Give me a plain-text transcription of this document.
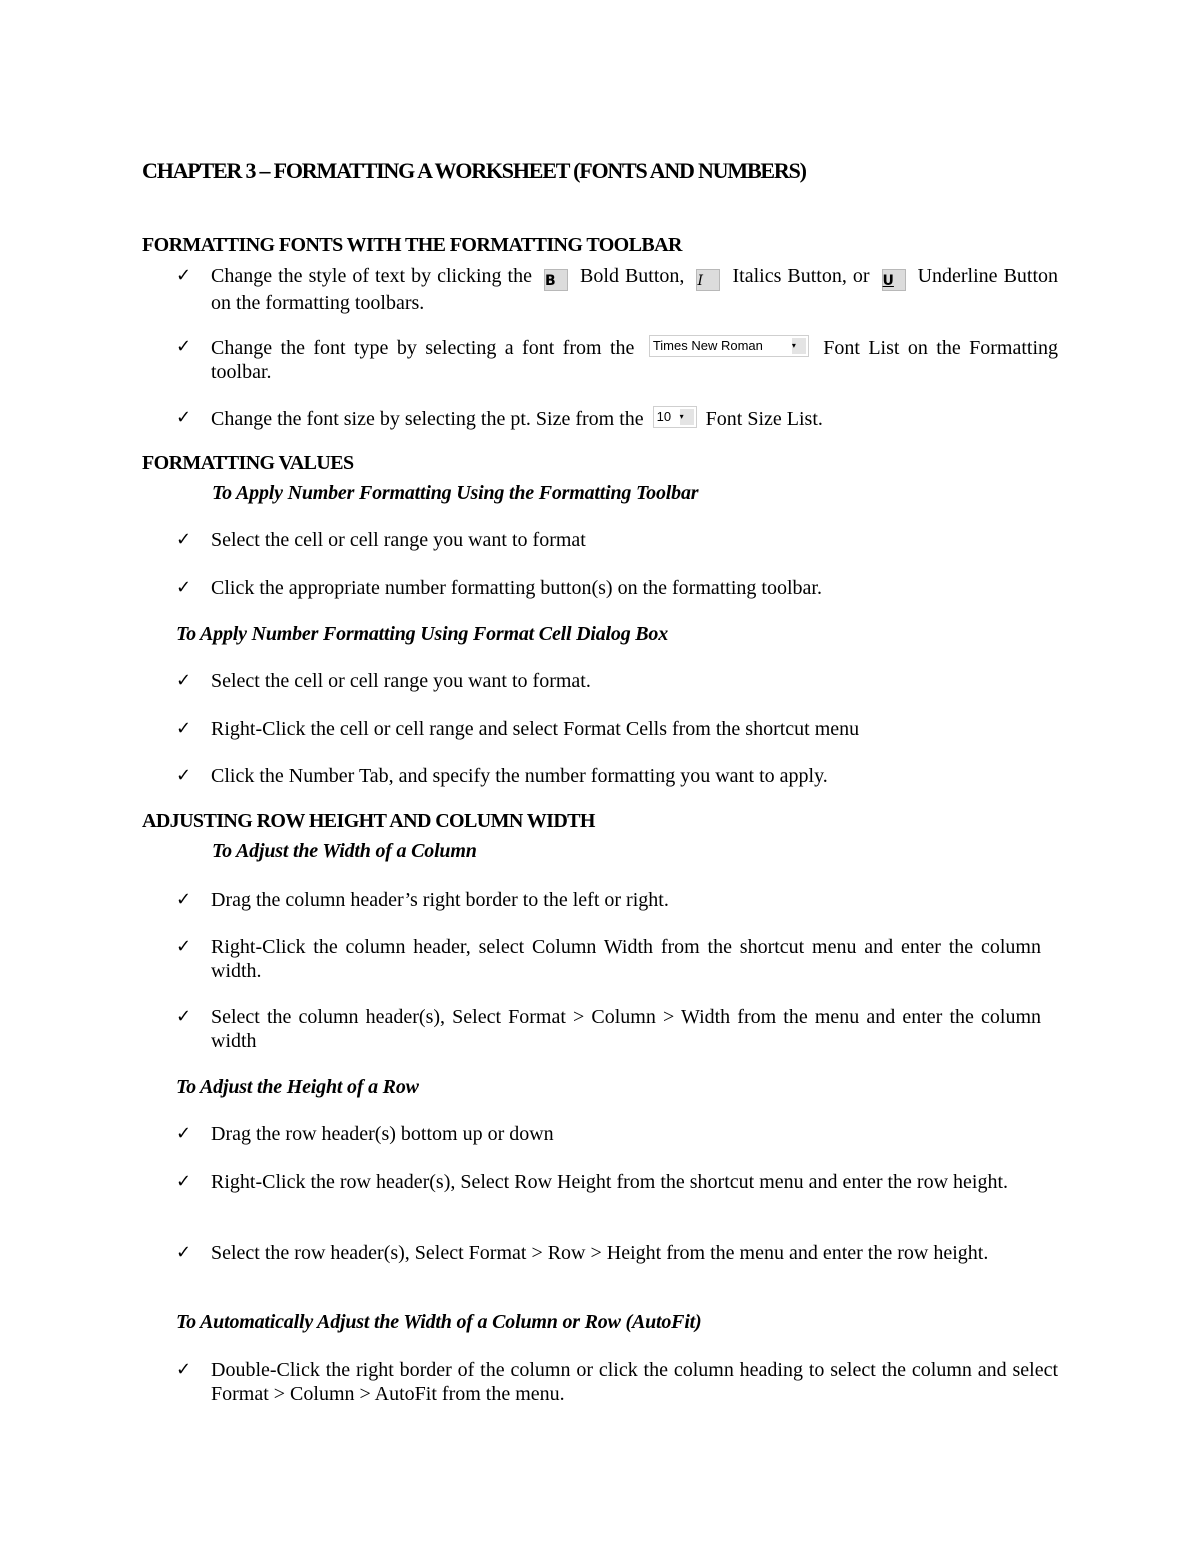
CHAPTER 3 – FORMATTING A WORKSHEET (FONTS AND NUMBERS)
FORMATTING FONTS WITH THE FORMATTING TOOLBAR
✓ Change the style of text by clicking the B Bold Button, I Italics Button, or U Underline Button on the formatting toolbars.
✓ Change the font type by selecting a font from the Times New Roman	▾	Font List on the Formatting toolbar.
✓ Change the font size by selecting the pt. Size from the 10 ▾	Font Size List.
FORMATTING VALUES
To Apply Number Formatting Using the Formatting Toolbar
✓ Select the cell or cell range you want to format
✓ Click the appropriate number formatting button(s) on the formatting toolbar.
To Apply Number Formatting Using Format Cell Dialog Box
✓ Select the cell or cell range you want to format.
✓ Right-Click the cell or cell range and select Format Cells from the shortcut menu
✓ Click the Number Tab, and specify the number formatting you want to apply.
ADJUSTING ROW HEIGHT AND COLUMN WIDTH
To Adjust the Width of a Column
✓ Drag the column header’s right border to the left or right.
✓ Right-Click the column header, select Column Width from the shortcut menu and enter the column width.
✓ Select the column header(s), Select Format > Column > Width from the menu and enter the column width
To Adjust the Height of a Row
✓ Drag the row header(s) bottom up or down
✓ Right-Click the row header(s), Select Row Height from the shortcut menu and enter the row height.
✓ Select the row header(s), Select Format > Row > Height from the menu and enter the row height.
To Automatically Adjust the Width of a Column or Row (AutoFit)
✓ Double-Click the right border of the column or click the column heading to select the column and select Format > Column > AutoFit from the menu.
